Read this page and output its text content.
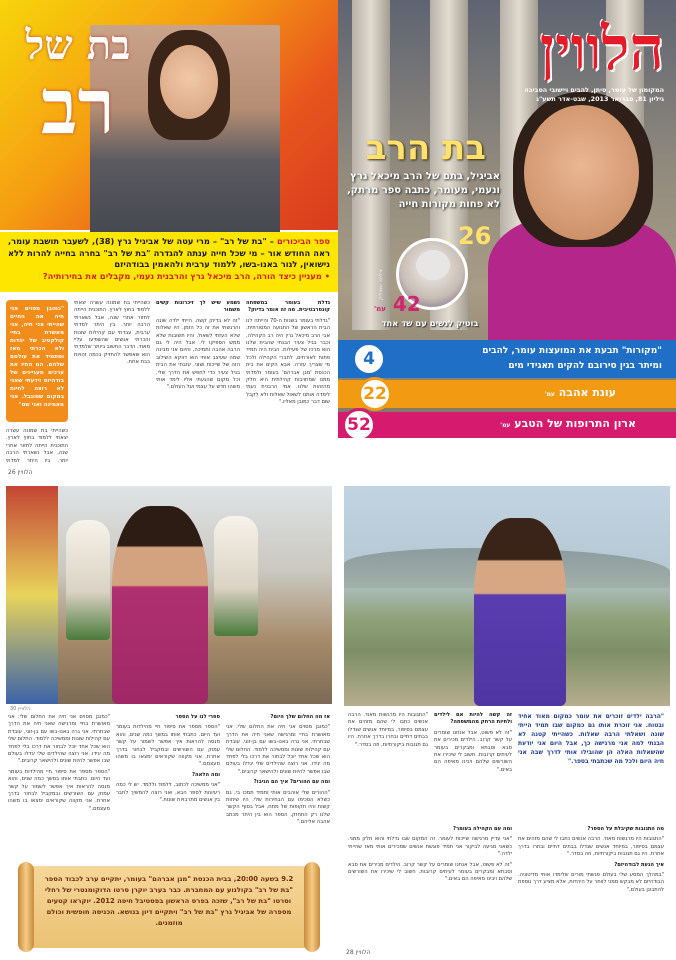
בת של
רב
ספר הביכורים – "בת של רב" – מרי עטה של אביגיל גרץ (38), לשעבר תושבת עומר, ראה החודש אור – מי שכל חייה ענתה להגדרה "בת של רב" בחרה בחייה להרות ללא נישואין, לגור באנו-בשו, ללמוד ערבית ולהאמין בבודהיזם
• מעניין כיצד הורה, הרב מיכאל גרץ והרבנית נעמי, מקבלים את בחירותיה?
"כמובן מסוים אני חיה את החיים שהייתי אני חיה, אני מאשרת בחיי קולקטיב של יהדות ולא הכרתי מאז ומתמיד את עולמם שלהם. הם החיו את ערכים מעניינים של בודהיזם וידעתי שאני לא רוצה לחיות במקום שמוגבל. אני מאמינה ואני שם"

גדלת בעומר במשפחה קונסרבטיבית. מה זה אומר בדיוק?

"גדלתי בעומר בשנות ה-70 והייתה לנו הבית הראשון של התנועה המסורתית. אבי הרב מיכאל גרץ היה רב הקהילה, וכבר בגיל צעיר הבנתי שהבית שלנו הוא מרכז של פעילות. הבית היה תמיד פתוח לאורחים, לחברי הקהילה ולכל מי שצריך עזרה. אבא הקים את בית הכנסת 'מגן אברהם' בעומר ולמדתי ממנו שמחויבות קהילתית היא חלק מהזהות שלנו. אמי הרבנית נעמי לימדה אותנו לשאול שאלות ולא לקבל שום דבר כמובן מאליו."

נשמע שיש לך זיכרונות קשים משמור

"זה לא בדיוק קשה. הייתי ילדה שונה והרגשתי את זה כל הזמן. היו שאלות שלא העזתי לשאול, והיו תשובות שלא ממש הספיקו לי. אבל היה לי גם הרבה אהבה ותמיכה, והיום אני מבינה שמה שעיצב אותי הוא דווקא השילוב הזה של שייכות ושוני. עזבתי את הבית בגיל צעיר כדי לחפש את הדרך שלי, וכל מקום שהגעתי אליו לימד אותי משהו חדש על עצמי ועל העולם."

כשהייתי בת שמונה עשרה יצאתי ללמוד בחוץ לארץ. התוכנית הייתה לחזור אחרי שנה, אבל נשארתי הרבה יותר. בין היתר למדתי ערבית, עבדתי עם קהילות שונות והכרתי אנשים שהשפיעו עליי מאוד. הדבר החשוב ביותר שלמדתי הוא שאפשר להחזיק בכמה זהויות בבת אחת.

כשהייתי בת שמונה עשרה יצאתי ללמוד בחוץ לארץ. התוכנית הייתה לחזור אחרי שנה, אבל נשארתי הרבה יותר. בין היתר למדתי

26 הלוויין
הלווין
המקומון של עומר, סיתן, להבים ויישובי הסביבה
גיליון 81, פברואר 2013, שבט-אדר תשע"ג
בת הרב
אביגיל, בתם של הרב מיכאל גרץ ונעמי, מעומר, כתבה ספר מרתק, לא פחות מקורות חייה
26
42 עמ'
בוטיק לנשים עם שד אחד
צילום: שמוליק
"מקורות" תבעת את המועצות עומר, להבים
ומיתר בגין סירובם להקים תאגידי מים
4
עונת אהבה עמ'
22
ארון התרופות של הטבע עמ'
52
30 הלוויין

אז מה החלום שלך היום?

"כמובן מסוים אני חיה את החלום שלי: אני מאושרת בחיי ומרגישה שאני חיה את הדרך שבחרתי. אני גרה באנו-בשו עם בן-זוגי, עובדת עם קהילות שונות וממשיכה ללמוד. החלום שלי הוא שכל אחד יוכל לבחור את דרכו בלי לפחד מה יגידו. אני רוצה שהילדים שלי יגדלו בעולם שבו אפשר להיות שונים ולהישאר קרובים."

ומה עם ההורים? איך הם הגיבו?

"ההורים שלי אוהבים אותי ותמיד תמכו בי, גם כשלא הסכימו עם הבחירות שלי. היו שיחות קשות והיו תקופות של מתח, אבל בסוף הקשר שלנו רק התחזק. הספר הוא בין היתר מכתב אהבה אליהם."

ספרי לנו על הספר

"הספר מספר את סיפור חיי מהילדות בעומר ועד היום. כתבתי אותו במשך כמה שנים, והוא מנסה להראות איך אפשר לשמור על קשר עמוק עם השורשים ובמקביל לבחור בדרך אחרת. אני מקווה שקוראים ימצאו בו משהו מעצמם."

ומה הלאה?

"אני ממשיכה לכתוב, ללמוד וללמד. יש לי כמה רעיונות לספר הבא, ואני רוצה להמשיך לחבר בין אנשים מתרבויות שונות."

"כמובן מסוים אני חיה את החלום שלי: אני מאושרת בחיי ומרגישה שאני חיה את הדרך שבחרתי. אני גרה באנו-בשו עם בן-זוגי, עובדת עם קהילות שונות וממשיכה ללמוד. החלום שלי הוא שכל אחד יוכל לבחור את דרכו בלי לפחד מה יגידו. אני רוצה שהילדים שלי יגדלו בעולם שבו אפשר להיות שונים ולהישאר קרובים."

"הספר מספר את סיפור חיי מהילדות בעומר ועד היום. כתבתי אותו במשך כמה שנים, והוא מנסה להראות איך אפשר לשמור על קשר עמוק עם השורשים ובמקביל לבחור בדרך אחרת. אני מקווה שקוראים ימצאו בו משהו מעצמם."

9.2 בשעה 20:00, בבית הכנסת "מגן אברהם" בעומר, יתקיים ערב לכבוד הספר "בת של רב" בקולנוע עם המחברת. כבר בערב יוקרן סרטו הדוקומנטרי של רחלי וסרטו "בת של רב", שזכה בפרס הראשון בפסטיבל חיפה 2012. יוקראו קטעים מספרה של אביגיל גרץ "בת של רב" ויתקיים דיון בנושא. הכניסה חופשית וכולם מוזמנים.
"הרבה ילדים זוכרים את עומר כמקום מאוד אחיד ובטוח. אני זוכרת אותו גם כמקום שבו תמיד הייתי שונה ושאלתי הרבה שאלות. כשהייתי קטנה לא הבנתי למה אני מרגישה כך, אבל היום אני יודעת שהשאלות האלה הן שהובילו אותי לדרך שבה אני חיה היום ולכל מה שכתבתי בספר."

זה קשה להיות אם לילדים ולחיות הרחק מהמשפחה?

"זה לא פשוט, אבל אנחנו שומרים על קשר קרוב. הילדים מכירים את סבא וסבתא ומבקרים בעומר לעיתים קרובות. חשוב לי שיכירו את השורשים שלהם ויבינו מאיפה הם באים."

"התגובות היו מרגשות מאוד. הרבה אנשים כתבו לי שהם מזהים את עצמם בסיפור, במיוחד אנשים שגדלו בבתים דתיים ובחרו בדרך אחרת. היו גם תגובות ביקורתיות, וזה בסדר."

מה התגובות שקיבלת על הספר?

"התגובות היו מרגשות מאוד. הרבה אנשים כתבו לי שהם מזהים את עצמם בסיפור, במיוחד אנשים שגדלו בבתים דתיים ובחרו בדרך אחרת. היו גם תגובות ביקורתיות, וזה בסדר."

איך הגעת לבודהיזם?

"במהלך המסע שלי בעולם פגשתי מורים שלימדו אותי מדיטציה. הבודהיזם לא מבקש ממני לוותר על היהדות, אלא מציע דרך נוספת להתבונן בעולם."

ומה עם הקהילה בעומר?

"אני עדיין מרגישה שייכות לעומר. זה המקום שבו גדלתי והוא חלק ממני. כשאני מגיעה לביקור אני תמיד פוגשת אנשים שמכירים אותי מאז שהייתי ילדה."

"זה לא פשוט, אבל אנחנו שומרים על קשר קרוב. הילדים מכירים את סבא וסבתא ומבקרים בעומר לעיתים קרובות. חשוב לי שיכירו את השורשים שלהם ויבינו מאיפה הם באים."

28 הלוויין
